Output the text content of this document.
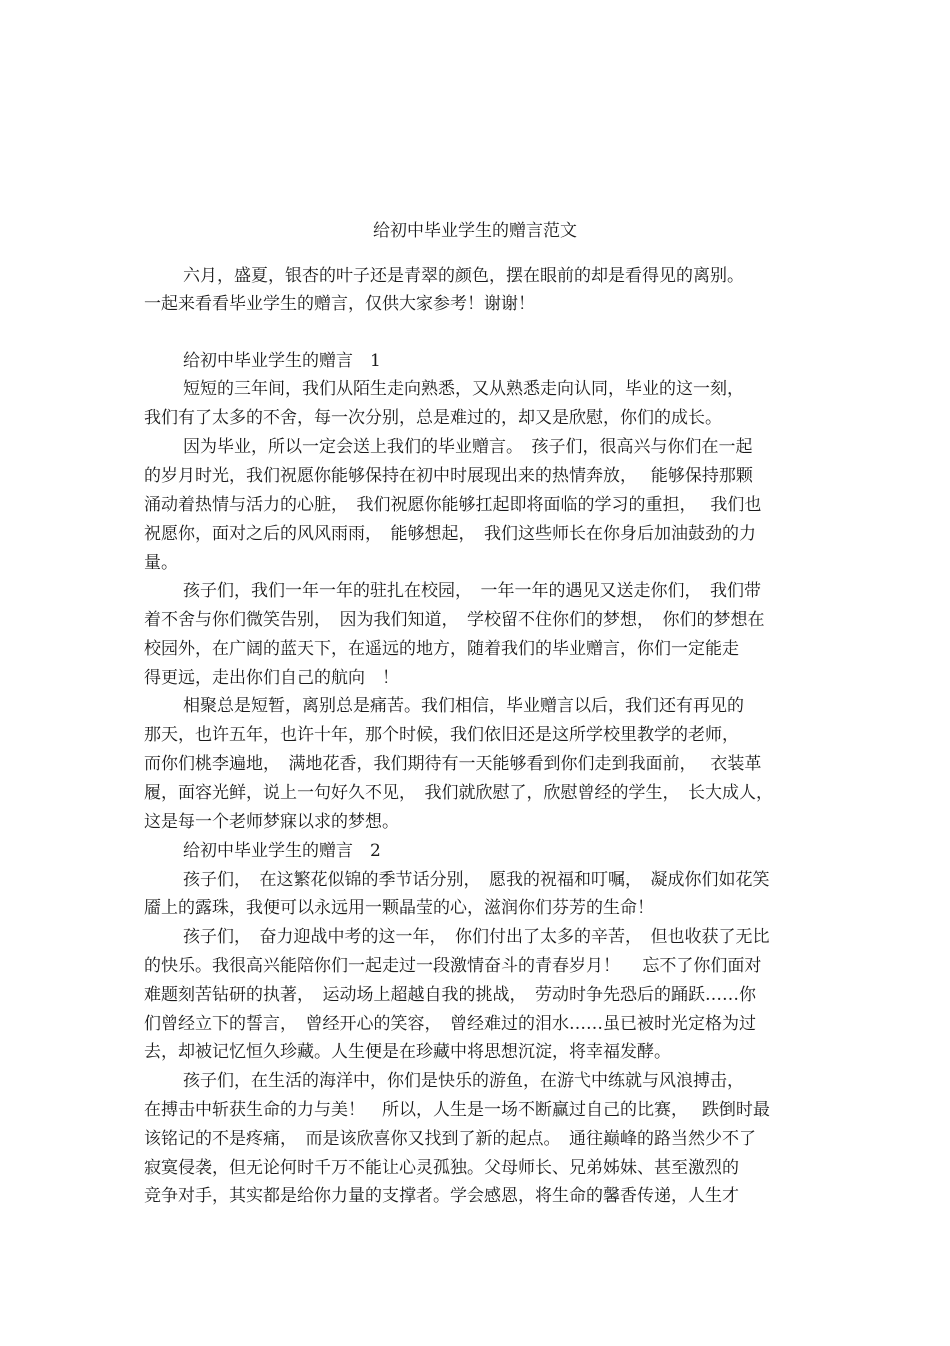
给初中毕业学生的赠言范文
六月，盛夏，银杏的叶子还是青翠的颜色，摆在眼前的却是看得见的离别。
一起来看看毕业学生的赠言，仅供大家参考！谢谢！
给初中毕业学生的赠言　1
短短的三年间，我们从陌生走向熟悉，又从熟悉走向认同，毕业的这一刻，
我们有了太多的不舍，每一次分别，总是难过的，却又是欣慰，你们的成长。
因为毕业，所以一定会送上我们的毕业赠言。　孩子们，很高兴与你们在一起
的岁月时光，我们祝愿你能够保持在初中时展现出来的热情奔放，　 能够保持那颗
涌动着热情与活力的心脏，　我们祝愿你能够扛起即将面临的学习的重担，　 我们也
祝愿你，面对之后的风风雨雨，　能够想起，　我们这些师长在你身后加油鼓劲的力
量。
孩子们，我们一年一年的驻扎在校园，　一年一年的遇见又送走你们，　我们带
着不舍与你们微笑告别，　因为我们知道，　学校留不住你们的梦想，　你们的梦想在
校园外，在广阔的蓝天下，在遥远的地方，随着我们的毕业赠言，你们一定能走
得更远，走出你们自己的航向　！
相聚总是短暂，离别总是痛苦。我们相信，毕业赠言以后，我们还有再见的
那天，也许五年，也许十年，那个时候，我们依旧还是这所学校里教学的老师，
而你们桃李遍地，　满地花香，我们期待有一天能够看到你们走到我面前，　 衣装革
履，面容光鲜，说上一句好久不见，　我们就欣慰了，欣慰曾经的学生，　长大成人，
这是每一个老师梦寐以求的梦想。
给初中毕业学生的赠言　2
孩子们，　在这繁花似锦的季节话分别，　愿我的祝福和叮嘱，　凝成你们如花笑
靥上的露珠，我便可以永远用一颗晶莹的心，滋润你们芬芳的生命！
孩子们，　奋力迎战中考的这一年，　你们付出了太多的辛苦，　但也收获了无比
的快乐。我很高兴能陪你们一起走过一段激情奋斗的青春岁月！　 忘不了你们面对
难题刻苦钻研的执著，　运动场上超越自我的挑战，　劳动时争先恐后的踊跃……你
们曾经立下的誓言，　曾经开心的笑容，　曾经难过的泪水……虽已被时光定格为过
去，却被记忆恒久珍藏。人生便是在珍藏中将思想沉淀，将幸福发酵。
孩子们，在生活的海洋中，你们是快乐的游鱼，在游弋中练就与风浪搏击，
在搏击中斩获生命的力与美！　所以，人生是一场不断赢过自己的比赛，　 跌倒时最
该铭记的不是疼痛，　而是该欣喜你又找到了新的起点。　通往巅峰的路当然少不了
寂寞侵袭，但无论何时千万不能让心灵孤独。父母师长、兄弟姊妹、甚至激烈的
竞争对手，其实都是给你力量的支撑者。学会感恩，将生命的馨香传递，人生才
